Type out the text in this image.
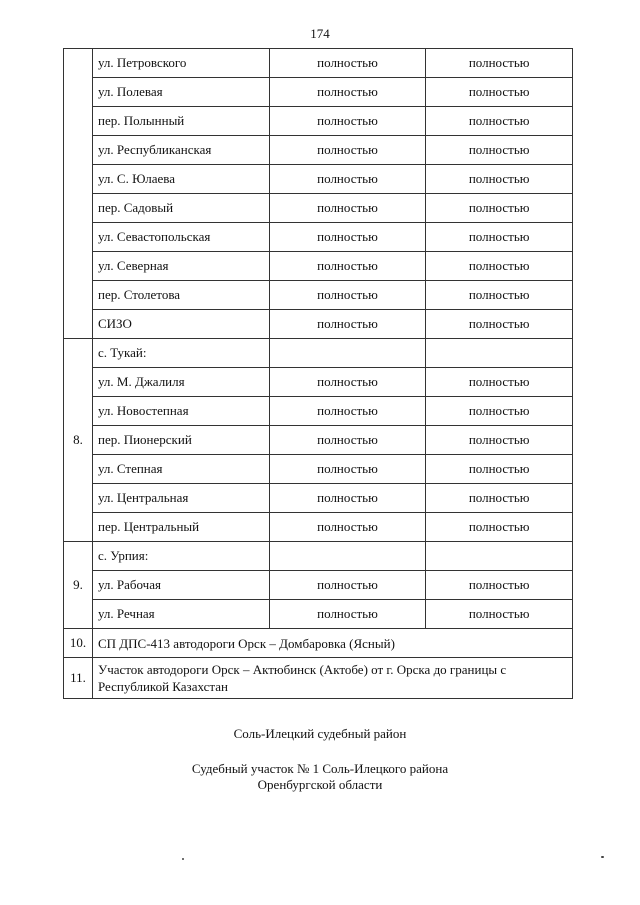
174
	ул. Петровского	полностью	полностью
	ул. Полевая	полностью	полностью
	пер. Полынный	полностью	полностью
	ул. Республиканская	полностью	полностью
	ул. С. Юлаева	полностью	полностью
	пер. Садовый	полностью	полностью
	ул. Севастопольская	полностью	полностью
	ул. Северная	полностью	полностью
	пер. Столетова	полностью	полностью
	СИЗО	полностью	полностью
8.	с. Тукай:		
	ул. М. Джалиля	полностью	полностью
	ул. Новостепная	полностью	полностью
	пер. Пионерский	полностью	полностью
	ул. Степная	полностью	полностью
	ул. Центральная	полностью	полностью
	пер. Центральный	полностью	полностью
9.	с. Урпия:		
	ул. Рабочая	полностью	полностью
	ул. Речная	полностью	полностью
10.	СП ДПС-413 автодороги Орск – Домбаровка (Ясный)		
11.	Участок автодороги Орск – Актюбинск (Актобе) от г. Орска до границы с Республикой Казахстан		
Соль-Илецкий судебный район
Судебный участок № 1 Соль-Илецкого района
Оренбургской области
